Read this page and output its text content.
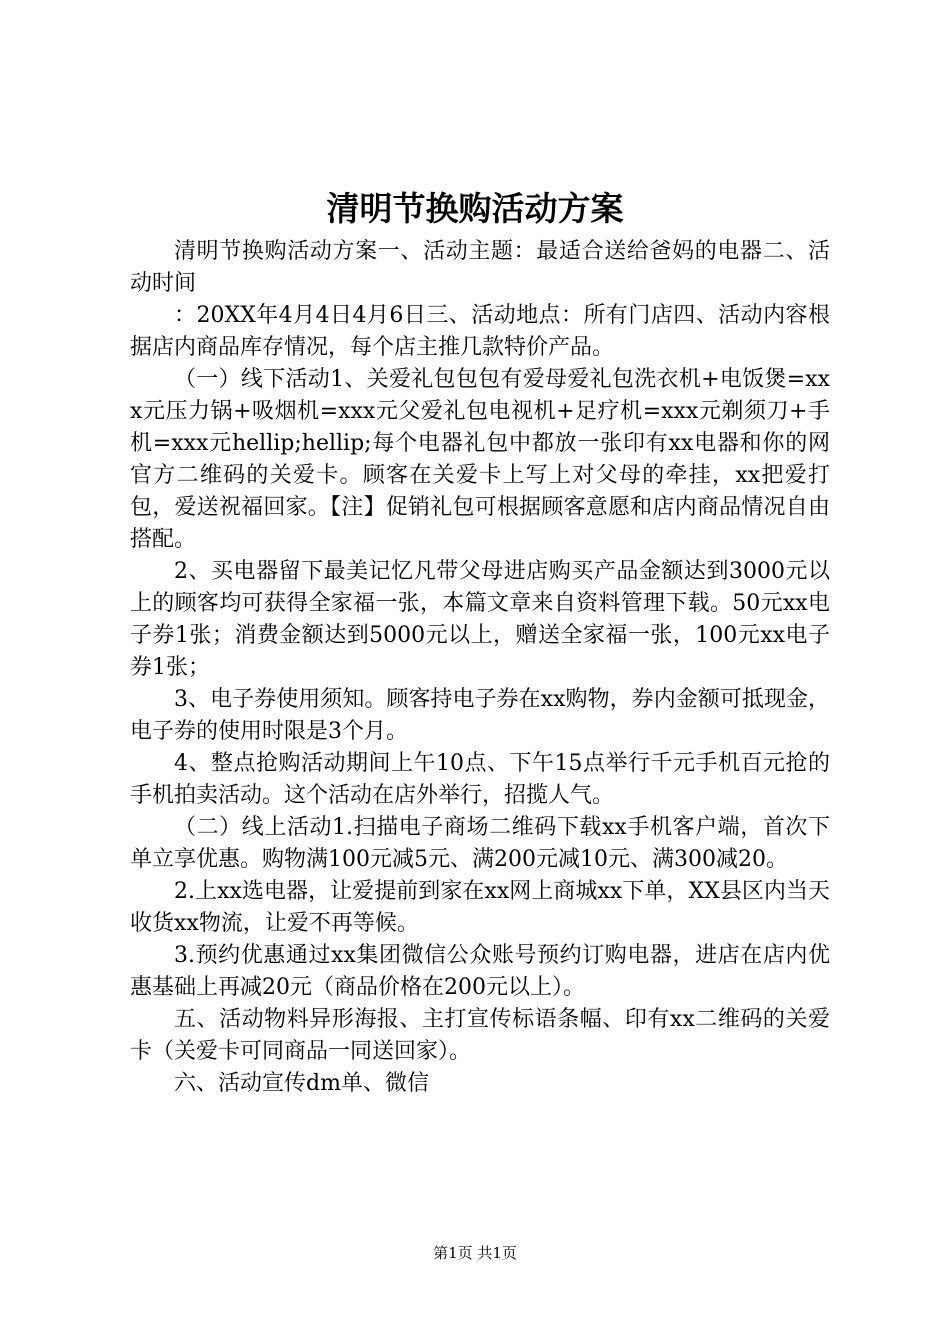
清明节换购活动方案

清明节换购活动方案一、活动主题：最适合送给爸妈的电器二、活动时间

：20XX年4月4日4月6日三、活动地点：所有门店四、活动内容根据店内商品库存情况，每个店主推几款特价产品。

（一）线下活动1、关爱礼包包包有爱母爱礼包洗衣机+电饭煲=xxx元压力锅+吸烟机=xxx元父爱礼包电视机+足疗机=xxx元剃须刀+手机=xxx元hellip;hellip;每个电器礼包中都放一张印有xx电器和你的网官方二维码的关爱卡。顾客在关爱卡上写上对父母的牵挂，xx把爱打包，爱送祝福回家。【注】促销礼包可根据顾客意愿和店内商品情况自由搭配。

2、买电器留下最美记忆凡带父母进店购买产品金额达到3000元以上的顾客均可获得全家福一张，本篇文章来自资料管理下载。50元xx电子券1张；消费金额达到5000元以上，赠送全家福一张，100元xx电子券1张；

3、电子券使用须知。顾客持电子券在xx购物，券内金额可抵现金，电子券的使用时限是3个月。

4、整点抢购活动期间上午10点、下午15点举行千元手机百元抢的手机拍卖活动。这个活动在店外举行，招揽人气。

（二）线上活动1.扫描电子商场二维码下载xx手机客户端，首次下单立享优惠。购物满100元减5元、满200元减10元、满300减20。

2.上xx选电器，让爱提前到家在xx网上商城xx下单，XX县区内当天收货xx物流，让爱不再等候。

3.预约优惠通过xx集团微信公众账号预约订购电器，进店在店内优惠基础上再减20元（商品价格在200元以上）。

五、活动物料异形海报、主打宣传标语条幅、印有xx二维码的关爱卡（关爱卡可同商品一同送回家）。

六、活动宣传dm单、微信

第1页 共1页
